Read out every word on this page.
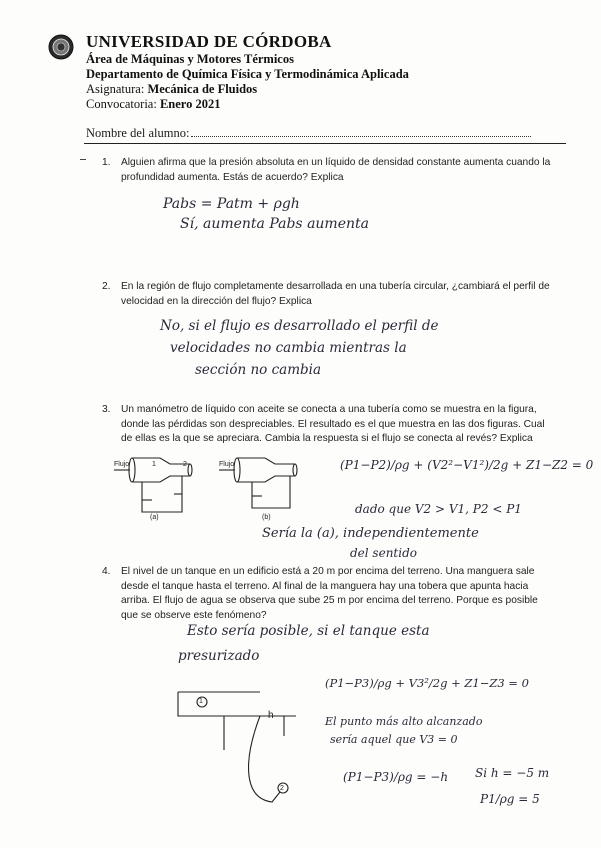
UNIVERSIDAD DE CÓRDOBA
Área de Máquinas y Motores Térmicos
Departamento de Química Física y Termodinámica Aplicada
Asignatura: Mecánica de Fluidos
Convocatoria: Enero 2021
Nombre del alumno:
1. Alguien afirma que la presión absoluta en un líquido de densidad constante aumenta cuando la profundidad aumenta. Estás de acuerdo? Explica
Pabs = Patm + ρgh
Sí, aumenta Pabs aumenta
2. En la región de flujo completamente desarrollada en una tubería circular, ¿cambiará el perfil de velocidad en la dirección del flujo? Explica
No, si el flujo es desarrollado el perfil de
velocidades no cambia mientras la
sección no cambia
3. Un manómetro de líquido con aceite se conecta a una tubería como se muestra en la figura, donde las pérdidas son despreciables. El resultado es el que muestra en las dos figuras. Cual de ellas es la que se apreciara. Cambia la respuesta si el flujo se conecta al revés? Explica
Flujo	1	2
(a)
Flujo
(b)
(P1−P2)/ρg + (V2²−V1²)/2g + Z1−Z2 = 0
dado que V2 > V1, P2 < P1
Sería la (a), independientemente
del sentido
4. El nivel de un tanque en un edificio está a 20 m por encima del terreno. Una manguera sale desde el tanque hasta el terreno. Al final de la manguera hay una tobera que apunta hacia arriba. El flujo de agua se observa que sube 25 m por encima del terreno. Porque es posible que se observe este fenómeno?
Esto sería posible, si el tanque esta
presurizado
1
h
2
(P1−P3)/ρg + V3²/2g + Z1−Z3 = 0
El punto más alto alcanzado
sería aquel que V3 = 0
(P1−P3)/ρg = −h Si h = −5 m
P1/ρg = 5
